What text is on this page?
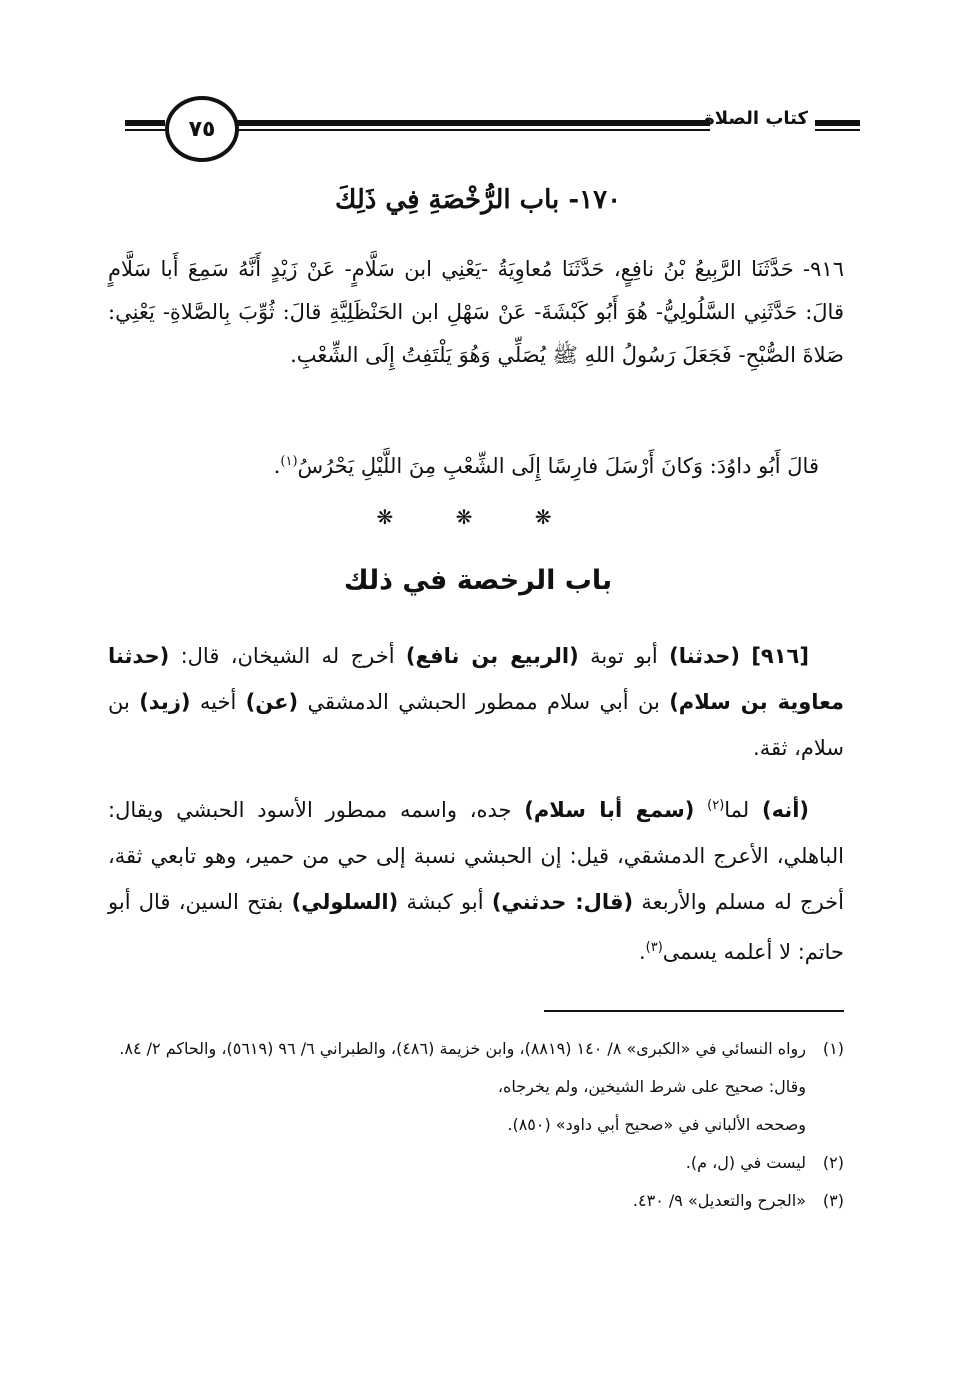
كتاب الصلاة
٧٥
١٧٠- باب الرُّخْصَةِ فِي ذَلِكَ
٩١٦- حَدَّثَنَا الرَّبِيعُ بْنُ نافِعٍ، حَدَّثَنَا مُعاوِيَةُ -يَعْنِي ابن سَلَّامٍ- عَنْ زَيْدٍ أَنَّهُ سَمِعَ أَبا سَلَّامٍ قالَ: حَدَّثَنِي السَّلُولِيُّ- هُوَ أَبُو كَبْشَةَ- عَنْ سَهْلِ ابن الحَنْظَلِيَّةِ قالَ: ثُوِّبَ بِالصَّلاةِ- يَعْنِي: صَلاةَ الصُّبْحِ- فَجَعَلَ رَسُولُ اللهِ ﷺ يُصَلِّي وَهُوَ يَلْتَفِتُ إِلَى الشِّعْبِ.
قالَ أَبُو داوُدَ: وَكانَ أَرْسَلَ فارِسًا إِلَى الشِّعْبِ مِنَ اللَّيْلِ يَحْرُسُ$^{(١)}$.
❋ ❋ ❋
باب الرخصة في ذلك

[٩١٦] (حدثنا) أبو توبة (الربيع بن نافع) أخرج له الشيخان، قال: (حدثنا معاوية بن سلام) بن أبي سلام ممطور الحبشي الدمشقي (عن) أخيه (زيد) بن سلام، ثقة.

(أنه) لما$^{(٢)}$ (سمع أبا سلام) جده، واسمه ممطور الأسود الحبشي ويقال: الباهلي، الأعرج الدمشقي، قيل: إن الحبشي نسبة إلى حي من حمير، وهو تابعي ثقة، أخرج له مسلم والأربعة (قال: حدثني) أبو كبشة (السلولي) بفتح السين، قال أبو حاتم: لا أعلمه يسمى$^{(٣)}$.

(١)
رواه النسائي في «الكبرى» ٨/ ١٤٠ (٨٨١٩)، وابن خزيمة (٤٨٦)، والطبراني ٦/ ٩٦ (٥٦١٩)، والحاكم ٢/ ٨٤. وقال: صحيح على شرط الشيخين، ولم يخرجاه،
وصححه الألباني في «صحيح أبي داود» (٨٥٠).
(٢)
ليست في (ل، م).
(٣)
«الجرح والتعديل» ٩/ ٤٣٠.
